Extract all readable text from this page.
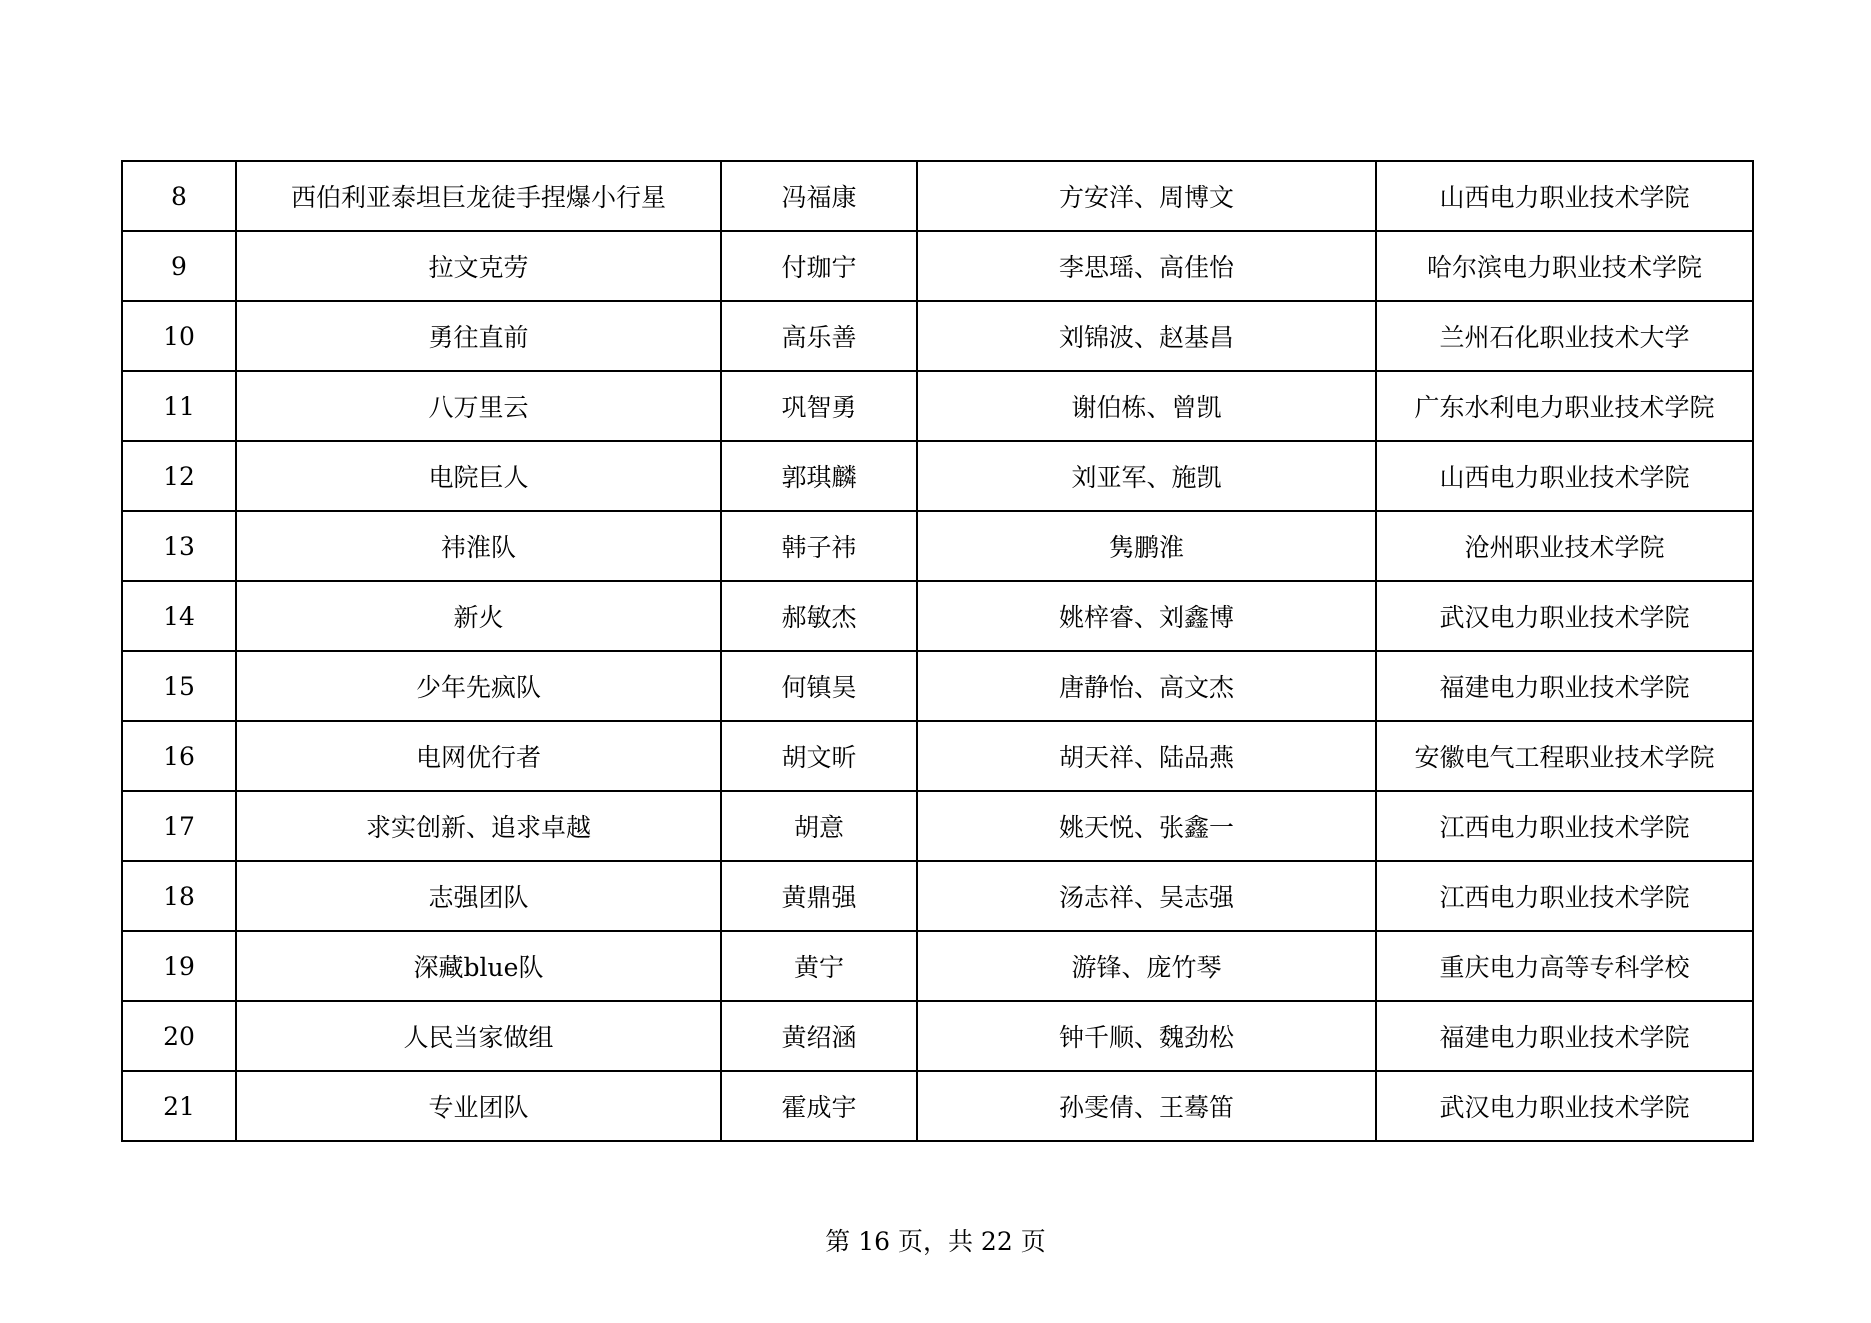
8	西伯利亚泰坦巨龙徒手捏爆小行星	冯福康	方安洋、周博文	山西电力职业技术学院
9	拉文克劳	付珈宁	李思瑶、高佳怡	哈尔滨电力职业技术学院
10	勇往直前	高乐善	刘锦波、赵基昌	兰州石化职业技术大学
11	八万里云	巩智勇	谢伯栋、曾凯	广东水利电力职业技术学院
12	电院巨人	郭琪麟	刘亚军、施凯	山西电力职业技术学院
13	祎淮队	韩子祎	隽鹏淮	沧州职业技术学院
14	新火	郝敏杰	姚梓睿、刘鑫博	武汉电力职业技术学院
15	少年先疯队	何镇昊	唐静怡、高文杰	福建电力职业技术学院
16	电网优行者	胡文昕	胡天祥、陆品燕	安徽电气工程职业技术学院
17	求实创新、追求卓越	胡意	姚天悦、张鑫一	江西电力职业技术学院
18	志强团队	黄鼎强	汤志祥、吴志强	江西电力职业技术学院
19	深藏blue队	黄宁	游锋、庞竹琴	重庆电力高等专科学校
20	人民当家做组	黄绍涵	钟千顺、魏劲松	福建电力职业技术学院
21	专业团队	霍成宇	孙雯倩、王蓦笛	武汉电力职业技术学院
第 16 页，共 22 页
